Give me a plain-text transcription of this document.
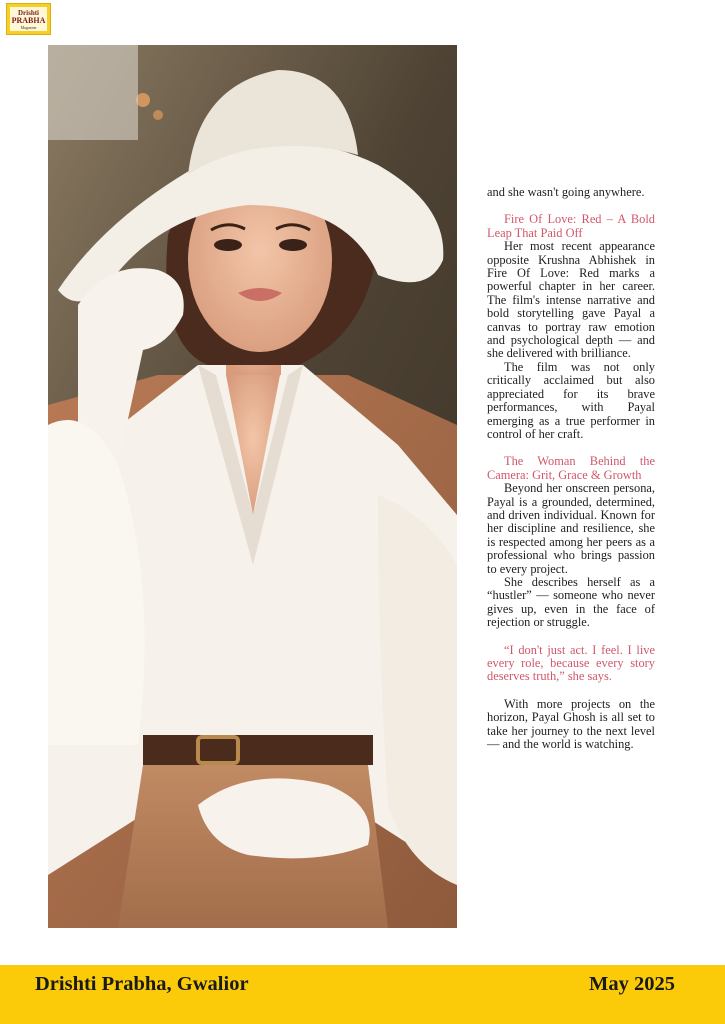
Drishti
PRABHA
Magazine

and she wasn't going anywhere.

Fire Of Love: Red – A Bold Leap That Paid Off

Her most recent appearance opposite Krushna Abhishek in Fire Of Love: Red marks a powerful chapter in her career. The film's intense narrative and bold storytelling gave Payal a canvas to portray raw emotion and psychological depth — and she delivered with brilliance.

The film was not only critically acclaimed but also appreciated for its brave performances, with Payal emerging as a true performer in control of her craft.

The Woman Behind the Camera: Grit, Grace & Growth

Beyond her onscreen persona, Payal is a grounded, determined, and driven individual. Known for her discipline and resilience, she is respected among her peers as a professional who brings passion to every project.

She describes herself as a “hustler” — someone who never gives up, even in the face of rejection or struggle.

“I don't just act. I feel. I live every role, because every story deserves truth,” she says.

With more projects on the horizon, Payal Ghosh is all set to take her journey to the next level — and the world is watching.

Drishti Prabha, Gwalior	May 2025
